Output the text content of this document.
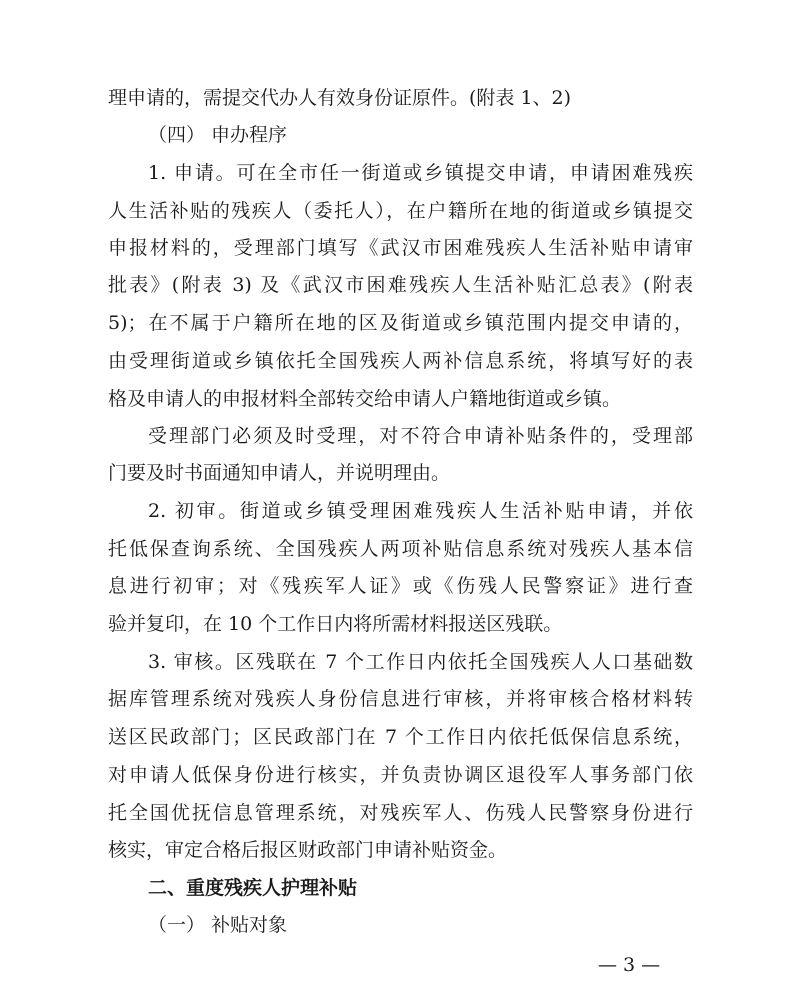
理申请的，需提交代办人有效身份证原件。(附表 1、2)
（四） 申办程序
1. 申请。可在全市任一街道或乡镇提交申请，申请困难残疾
人生活补贴的残疾人（委托人），在户籍所在地的街道或乡镇提交
申报材料的，受理部门填写《武汉市困难残疾人生活补贴申请审
批表》(附表 3) 及《武汉市困难残疾人生活补贴汇总表》(附表
5)；在不属于户籍所在地的区及街道或乡镇范围内提交申请的，
由受理街道或乡镇依托全国残疾人两补信息系统，将填写好的表
格及申请人的申报材料全部转交给申请人户籍地街道或乡镇。
受理部门必须及时受理，对不符合申请补贴条件的，受理部
门要及时书面通知申请人，并说明理由。
2. 初审。街道或乡镇受理困难残疾人生活补贴申请，并依
托低保查询系统、全国残疾人两项补贴信息系统对残疾人基本信
息进行初审；对《残疾军人证》或《伤残人民警察证》进行查
验并复印，在 10 个工作日内将所需材料报送区残联。
3. 审核。区残联在 7 个工作日内依托全国残疾人人口基础数
据库管理系统对残疾人身份信息进行审核，并将审核合格材料转
送区民政部门；区民政部门在 7 个工作日内依托低保信息系统，
对申请人低保身份进行核实，并负责协调区退役军人事务部门依
托全国优抚信息管理系统，对残疾军人、伤残人民警察身份进行
核实，审定合格后报区财政部门申请补贴资金。
二、重度残疾人护理补贴
（一） 补贴对象
— 3 —
